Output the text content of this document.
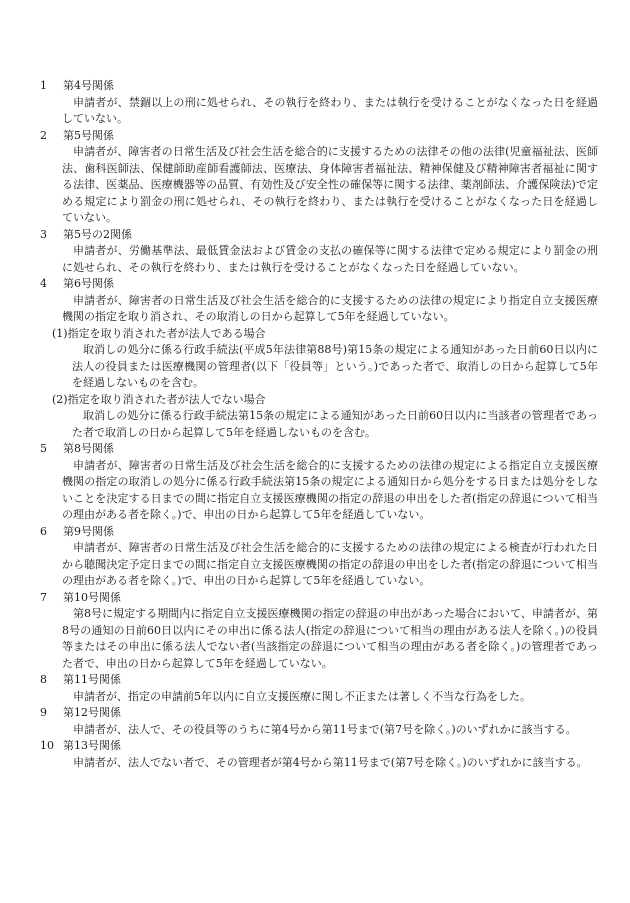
1	第4号関係
申請者が、禁錮以上の刑に処せられ、その執行を終わり、または執行を受けることがなくなった日を経過していない。
2	第5号関係
申請者が、障害者の日常生活及び社会生活を総合的に支援するための法律その他の法律(児童福祉法、医師法、歯科医師法、保健師助産師看護師法、医療法、身体障害者福祉法、精神保健及び精神障害者福祉に関する法律、医薬品、医療機器等の品質、有効性及び安全性の確保等に関する法律、薬剤師法、介護保険法)で定める規定により罰金の刑に処せられ、その執行を終わり、または執行を受けることがなくなった日を経過していない。
3	第5号の2関係
申請者が、労働基準法、最低賃金法および賃金の支払の確保等に関する法律で定める規定により罰金の刑に処せられ、その執行を終わり、または執行を受けることがなくなった日を経過していない。
4	第6号関係
申請者が、障害者の日常生活及び社会生活を総合的に支援するための法律の規定により指定自立支援医療機関の指定を取り消され、その取消しの日から起算して5年を経過していない。
(1)指定を取り消された者が法人である場合
取消しの処分に係る行政手続法(平成5年法律第88号)第15条の規定による通知があった日前60日以内に法人の役員または医療機関の管理者(以下「役員等」という。)であった者で、取消しの日から起算して5年を経過しないものを含む。
(2)指定を取り消された者が法人でない場合
取消しの処分に係る行政手続法第15条の規定による通知があった日前60日以内に当該者の管理者であった者で取消しの日から起算して5年を経過しないものを含む。
5	第8号関係
申請者が、障害者の日常生活及び社会生活を総合的に支援するための法律の規定による指定自立支援医療機関の指定の取消しの処分に係る行政手続法第15条の規定による通知日から処分をする日または処分をしないことを決定する日までの間に指定自立支援医療機関の指定の辞退の申出をした者(指定の辞退について相当の理由がある者を除く。)で、申出の日から起算して5年を経過していない。
6	第9号関係
申請者が、障害者の日常生活及び社会生活を総合的に支援するための法律の規定による検査が行われた日から聴聞決定予定日までの間に指定自立支援医療機関の指定の辞退の申出をした者(指定の辞退について相当の理由がある者を除く。)で、申出の日から起算して5年を経過していない。
7	第10号関係
第8号に規定する期間内に指定自立支援医療機関の指定の辞退の申出があった場合において、申請者が、第8号の通知の日前60日以内にその申出に係る法人(指定の辞退について相当の理由がある法人を除く。)の役員等またはその申出に係る法人でない者(当該指定の辞退について相当の理由がある者を除く。)の管理者であった者で、申出の日から起算して5年を経過していない。
8	第11号関係
申請者が、指定の申請前5年以内に自立支援医療に関し不正または著しく不当な行為をした。
9	第12号関係
申請者が、法人で、その役員等のうちに第4号から第11号まで(第7号を除く。)のいずれかに該当する。
10 第13号関係
申請者が、法人でない者で、その管理者が第4号から第11号まで(第7号を除く。)のいずれかに該当する。
